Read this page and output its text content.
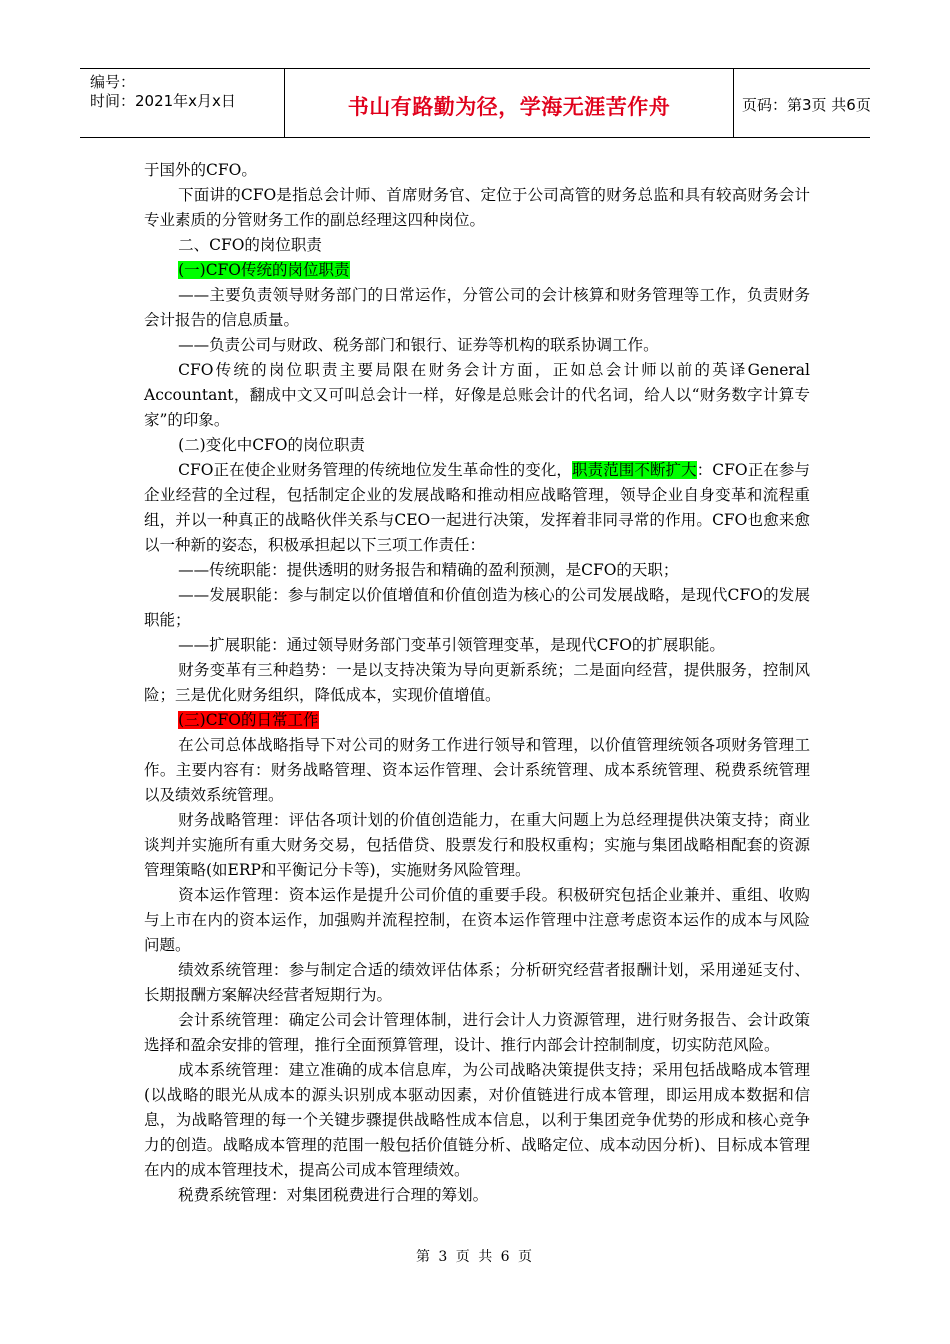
编号：
时间：2021年x月x日	书山有路勤为径，学海无涯苦作舟	页码：第3页 共6页

于国外的CFO。

下面讲的CFO是指总会计师、首席财务官、定位于公司高管的财务总监和具有较高财务会计专业素质的分管财务工作的副总经理这四种岗位。

二、CFO的岗位职责

(一)CFO传统的岗位职责

——主要负责领导财务部门的日常运作，分管公司的会计核算和财务管理等工作，负责财务会计报告的信息质量。

——负责公司与财政、税务部门和银行、证券等机构的联系协调工作。

CFO传统的岗位职责主要局限在财务会计方面，正如总会计师以前的英译General Accountant，翻成中文又可叫总会计一样，好像是总账会计的代名词，给人以“财务数字计算专家”的印象。

(二)变化中CFO的岗位职责

CFO正在使企业财务管理的传统地位发生革命性的变化，职责范围不断扩大：CFO正在参与企业经营的全过程，包括制定企业的发展战略和推动相应战略管理，领导企业自身变革和流程重组，并以一种真正的战略伙伴关系与CEO一起进行决策，发挥着非同寻常的作用。CFO也愈来愈以一种新的姿态，积极承担起以下三项工作责任：

——传统职能：提供透明的财务报告和精确的盈利预测，是CFO的天职；

——发展职能：参与制定以价值增值和价值创造为核心的公司发展战略，是现代CFO的发展职能；

——扩展职能：通过领导财务部门变革引领管理变革，是现代CFO的扩展职能。

财务变革有三种趋势：一是以支持决策为导向更新系统；二是面向经营，提供服务，控制风险；三是优化财务组织，降低成本，实现价值增值。

(三)CFO的日常工作

在公司总体战略指导下对公司的财务工作进行领导和管理，以价值管理统领各项财务管理工作。主要内容有：财务战略管理、资本运作管理、会计系统管理、成本系统管理、税费系统管理以及绩效系统管理。

财务战略管理：评估各项计划的价值创造能力，在重大问题上为总经理提供决策支持；商业谈判并实施所有重大财务交易，包括借贷、股票发行和股权重构；实施与集团战略相配套的资源管理策略(如ERP和平衡记分卡等)，实施财务风险管理。

资本运作管理：资本运作是提升公司价值的重要手段。积极研究包括企业兼并、重组、收购与上市在内的资本运作，加强购并流程控制，在资本运作管理中注意考虑资本运作的成本与风险问题。

绩效系统管理：参与制定合适的绩效评估体系；分析研究经营者报酬计划，采用递延支付、长期报酬方案解决经营者短期行为。

会计系统管理：确定公司会计管理体制，进行会计人力资源管理，进行财务报告、会计政策选择和盈余安排的管理，推行全面预算管理，设计、推行内部会计控制制度，切实防范风险。

成本系统管理：建立准确的成本信息库，为公司战略决策提供支持；采用包括战略成本管理(以战略的眼光从成本的源头识别成本驱动因素，对价值链进行成本管理，即运用成本数据和信息，为战略管理的每一个关键步骤提供战略性成本信息，以利于集团竞争优势的形成和核心竞争力的创造。战略成本管理的范围一般包括价值链分析、战略定位、成本动因分析)、目标成本管理在内的成本管理技术，提高公司成本管理绩效。

税费系统管理：对集团税费进行合理的筹划。

第 3 页 共 6 页
